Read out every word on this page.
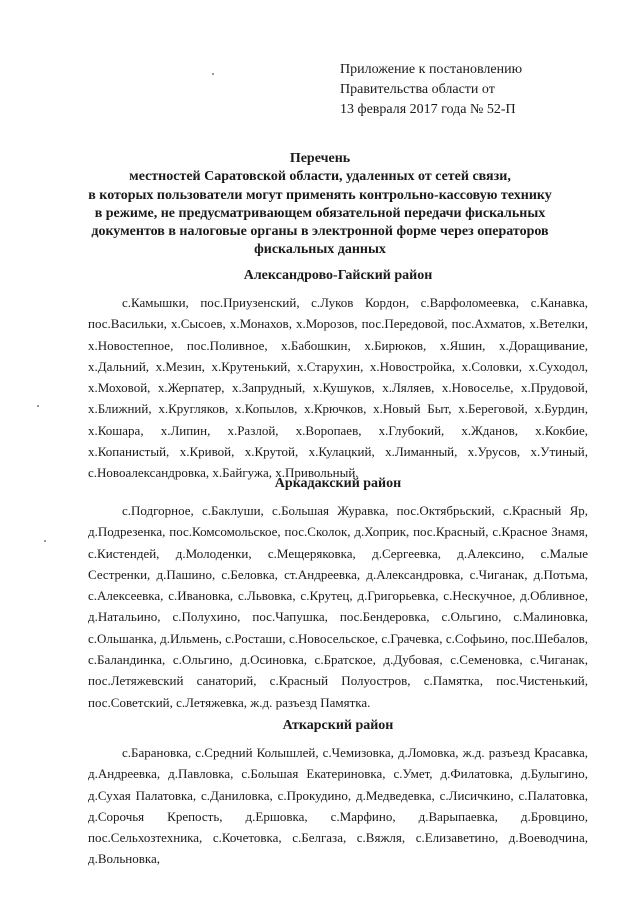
Приложение к постановлению
Правительства области от
13 февраля 2017 года № 52-П
Перечень
местностей Саратовской области, удаленных от сетей связи,
в которых пользователи могут применять контрольно-кассовую технику
в режиме, не предусматривающем обязательной передачи фискальных
документов в налоговые органы в электронной форме через операторов
фискальных данных
Александрово-Гайский район

с.Камышки, пос.Приузенский, с.Луков Кордон, с.Варфоломеевка, с.Канавка, пос.Васильки, х.Сысоев, х.Монахов, х.Морозов, пос.Передовой, пос.Ахматов, х.Ветелки, х.Новостепное, пос.Поливное, х.Бабошкин, х.Бирюков, х.Яшин, х.Доращивание, х.Дальний, х.Мезин, х.Крутенький, х.Старухин, х.Новостройка, х.Соловки, х.Суходол, х.Моховой, х.Жерпатер, х.Запрудный, х.Кушуков, х.Ляляев, х.Новоселье, х.Прудовой, х.Ближний, х.Кругляков, х.Копылов, х.Крючков, х.Новый Быт, х.Береговой, х.Бурдин, х.Кошара, х.Липин, х.Разлой, х.Воропаев, х.Глубокий, х.Жданов, х.Кокбие, х.Копанистый, х.Кривой, х.Крутой, х.Кулацкий, х.Лиманный, х.Урусов, х.Утиный, с.Новоалександровка, х.Байгужа, х.Привольный.

Аркадакский район

с.Подгорное, с.Баклуши, с.Большая Журавка, пос.Октябрьский, с.Красный Яр, д.Подрезенка, пос.Комсомольское, пос.Сколок, д.Хоприк, пос.Красный, с.Красное Знамя, с.Кистендей, д.Молоденки, с.Мещеряковка, д.Сергеевка, д.Алексино, с.Малые Сестренки, д.Пашино, с.Беловка, ст.Андреевка, д.Александровка, с.Чиганак, д.Потьма, с.Алексеевка, с.Ивановка, с.Львовка, с.Крутец, д.Григорьевка, с.Нескучное, д.Обливное, д.Натальино, с.Полухино, пос.Чапушка, пос.Бендеровка, с.Ольгино, с.Малиновка, с.Ольшанка, д.Ильмень, с.Росташи, с.Новосельское, с.Грачевка, с.Софьино, пос.Шебалов, с.Баландинка, с.Ольгино, д.Осиновка, с.Братское, д.Дубовая, с.Семеновка, с.Чиганак, пос.Летяжевский санаторий, с.Красный Полуостров, с.Памятка, пос.Чистенький, пос.Советский, с.Летяжевка, ж.д. разъезд Памятка.

Аткарский район

с.Барановка, с.Средний Колышлей, с.Чемизовка, д.Ломовка, ж.д. разъезд Красавка, д.Андреевка, д.Павловка, с.Большая Екатериновка, с.Умет, д.Филатовка, д.Булыгино, д.Сухая Палатовка, с.Даниловка, с.Прокудино, д.Медведевка, с.Лисичкино, с.Палатовка, д.Сорочья Крепость, д.Ершовка, с.Марфино, д.Варыпаевка, д.Бровцино, пос.Сельхозтехника, с.Кочетовка, с.Белгаза, с.Вяжля, с.Елизаветино, д.Воеводчина, д.Вольновка,
